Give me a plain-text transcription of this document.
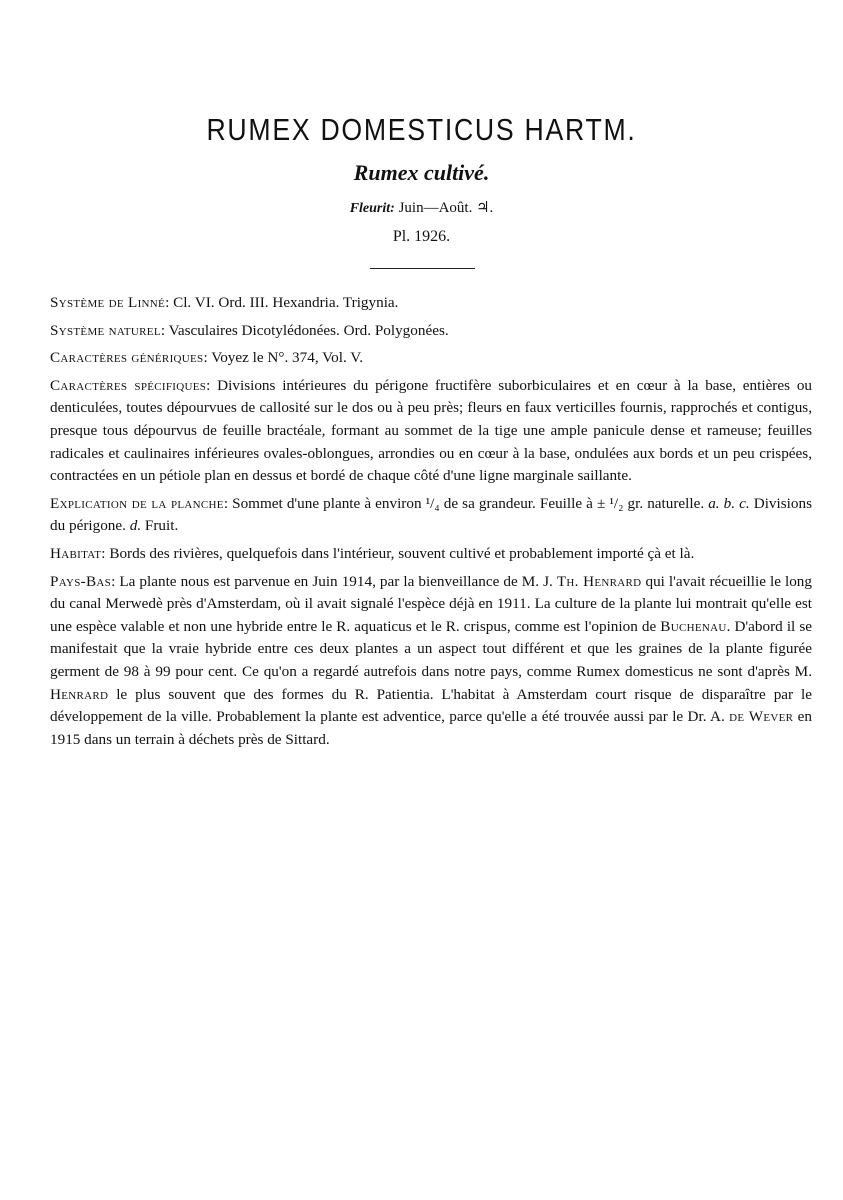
RUMEX DOMESTICUS HARTM.
Rumex cultivé.
Fleurit: Juin—Août. ♃.
Pl. 1926.

Système de Linné: Cl. VI. Ord. III. Hexandria. Trigynia.

Système naturel: Vasculaires Dicotylédonées. Ord. Polygonées.

Caractères génériques: Voyez le N°. 374, Vol. V.

Caractères spécifiques: Divisions intérieures du périgone fructifère suborbiculaires et en cœur à la base, entières ou denticulées, toutes dépourvues de callosité sur le dos ou à peu près; fleurs en faux verticilles fournis, rapprochés et contigus, presque tous dépourvus de feuille bractéale, formant au sommet de la tige une ample panicule dense et rameuse; feuilles radicales et caulinaires inférieures ovales-oblongues, arrondies ou en cœur à la base, ondulées aux bords et un peu crispées, contractées en un pétiole plan en dessus et bordé de chaque côté d'une ligne marginale saillante.

Explication de la planche: Sommet d'une plante à environ ¹/₄ de sa grandeur. Feuille à ± ¹/₂ gr. naturelle. a. b. c. Divisions du périgone. d. Fruit.

Habitat: Bords des rivières, quelquefois dans l'intérieur, souvent cultivé et probablement importé çà et là.

Pays-Bas: La plante nous est parvenue en Juin 1914, par la bienveillance de M. J. Th. Henrard qui l'avait récueillie le long du canal Merwedè près d'Amsterdam, où il avait signalé l'espèce déjà en 1911. La culture de la plante lui montrait qu'elle est une espèce valable et non une hybride entre le R. aquaticus et le R. crispus, comme est l'opinion de Buchenau. D'abord il se manifestait que la vraie hybride entre ces deux plantes a un aspect tout différent et que les graines de la plante figurée germent de 98 à 99 pour cent. Ce qu'on a regardé autrefois dans notre pays, comme Rumex domesticus ne sont d'après M. Henrard le plus souvent que des formes du R. Patientia. L'habitat à Amsterdam court risque de disparaître par le développement de la ville. Probablement la plante est adventice, parce qu'elle a été trouvée aussi par le Dr. A. de Wever en 1915 dans un terrain à déchets près de Sittard.
